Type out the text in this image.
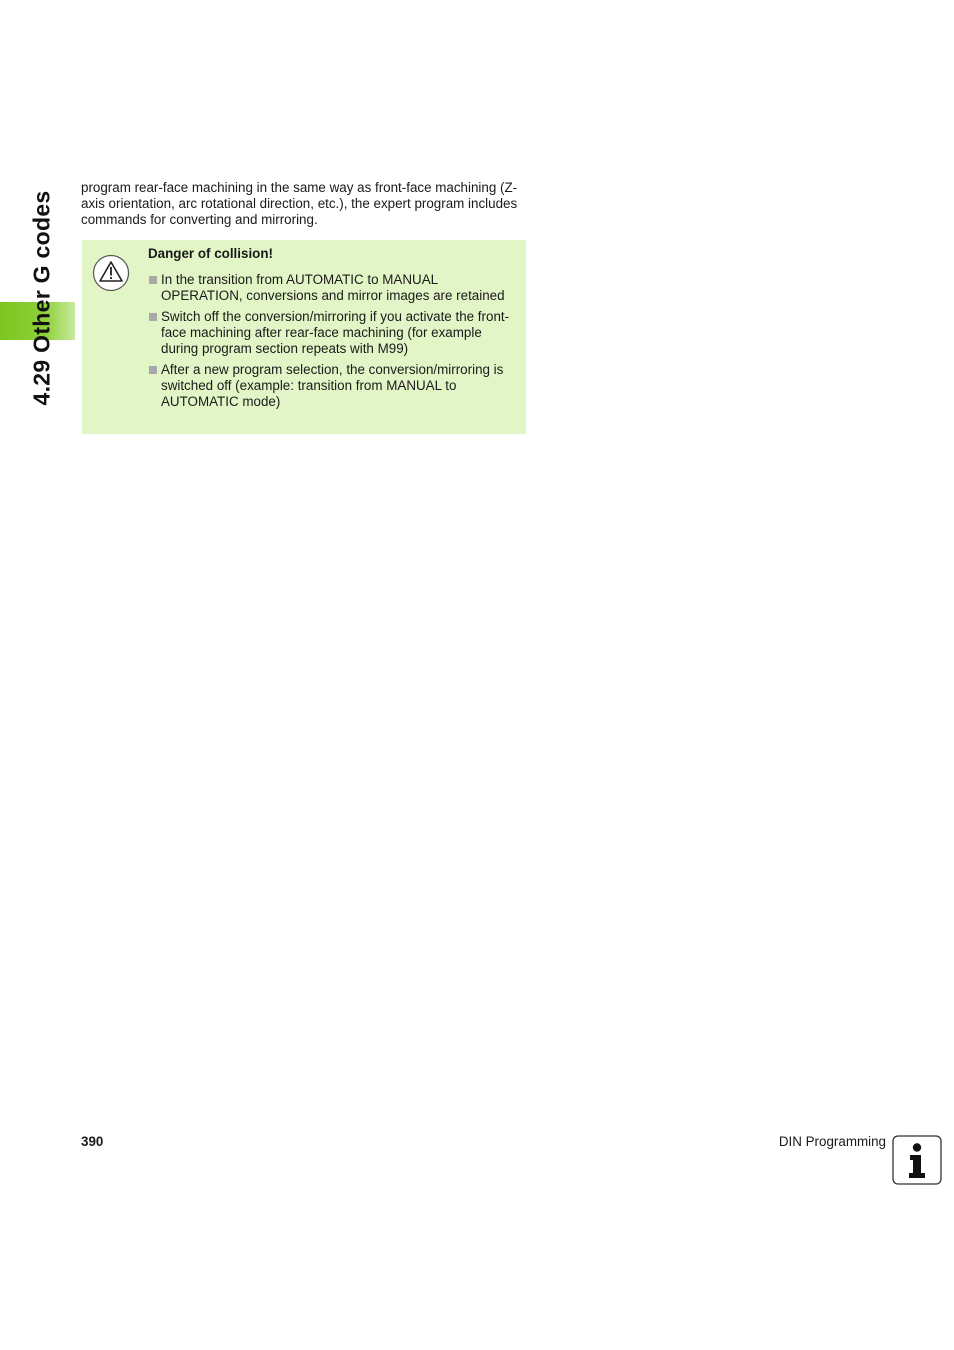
4.29 Other G codes

program rear-face machining in the same way as front-face machining (Z-axis orientation, arc rotational direction, etc.), the expert program includes commands for converting and mirroring.

Danger of collision!
In the transition from AUTOMATIC to MANUAL OPERATION, conversions and mirror images are retained
Switch off the conversion/mirroring if you activate the front-face machining after rear-face machining (for example during program section repeats with M99)
After a new program selection, the conversion/mirroring is switched off (example: transition from MANUAL to AUTOMATIC mode)
390	DIN Programming
